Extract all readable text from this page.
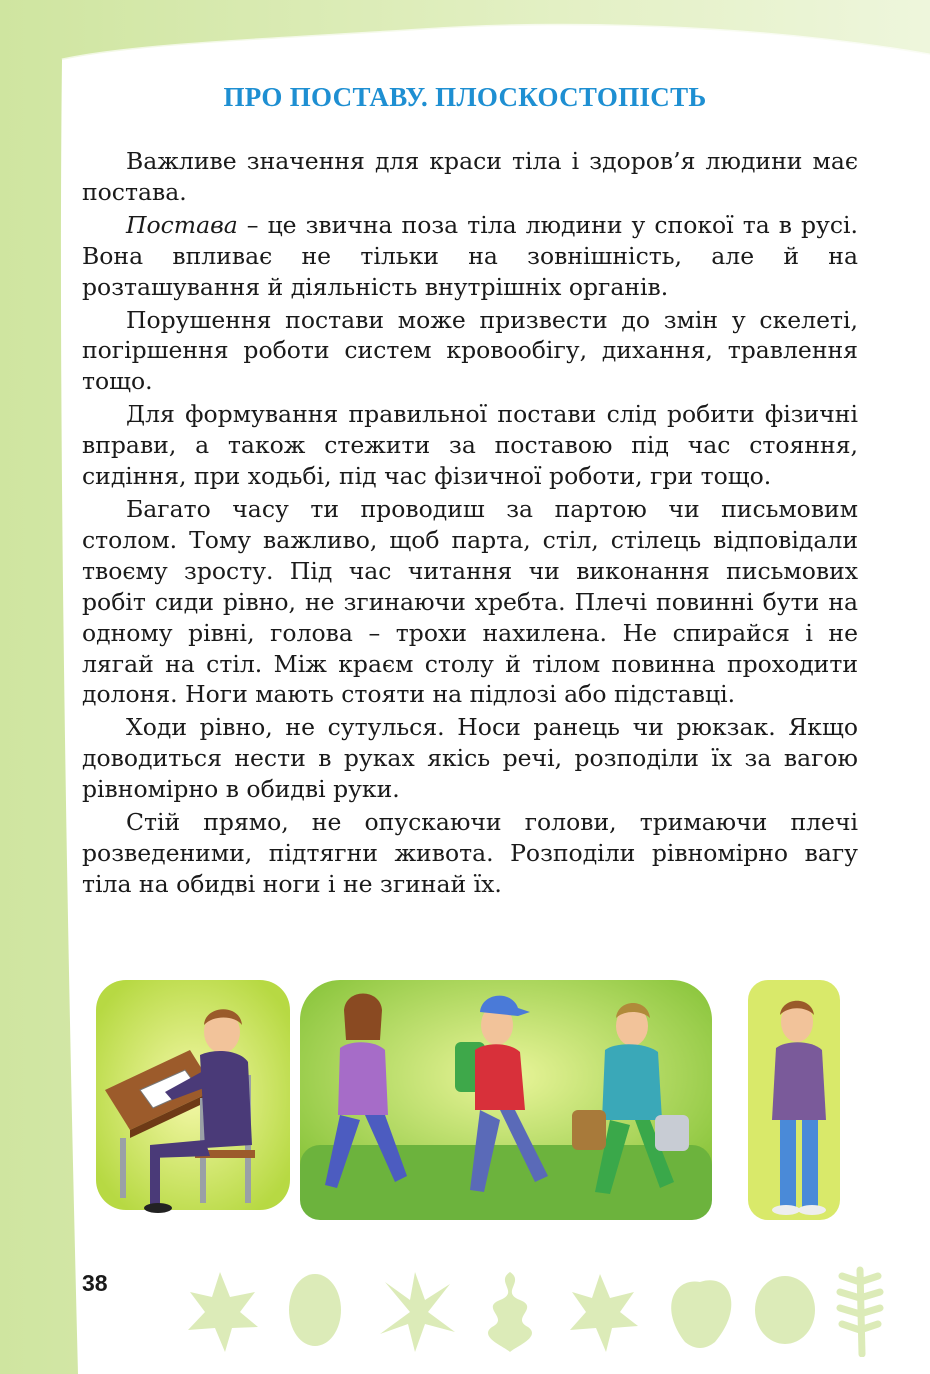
ПРО ПОСТАВУ. ПЛОСКОСТОПІСТЬ

Важливе значення для краси тіла і здоров’я людини має постава.

Постава – це звична поза тіла людини у спокої та в русі. Вона впливає не тільки на зовнішність, але й на розташування й діяльність внутрішніх органів.

Порушення постави може призвести до змін у скелеті, погіршення роботи систем кровообігу, дихання, травлення тощо.

Для формування правильної постави слід робити фізичні вправи, а також стежити за поставою під час стояння, сидіння, при ходьбі, під час фізичної роботи, гри тощо.

Багато часу ти проводиш за партою чи письмовим столом. Тому важливо, щоб парта, стіл, стілець відповідали твоєму зросту. Під час читання чи виконання письмових робіт сиди рівно, не згинаючи хребта. Плечі повинні бути на одному рівні, голова – трохи нахилена. Не спирайся і не лягай на стіл. Між краєм столу й тілом повинна проходити долоня. Ноги мають стояти на підлозі або підставці.

Ходи рівно, не сутулься. Носи ранець чи рюкзак. Якщо доводиться нести в руках якісь речі, розподіли їх за вагою рівномірно в обидві руки.

Стій прямо, не опускаючи голови, тримаючи плечі розведеними, підтягни живота. Розподіли рівномірно вагу тіла на обидві ноги і не згинай їх.

38
